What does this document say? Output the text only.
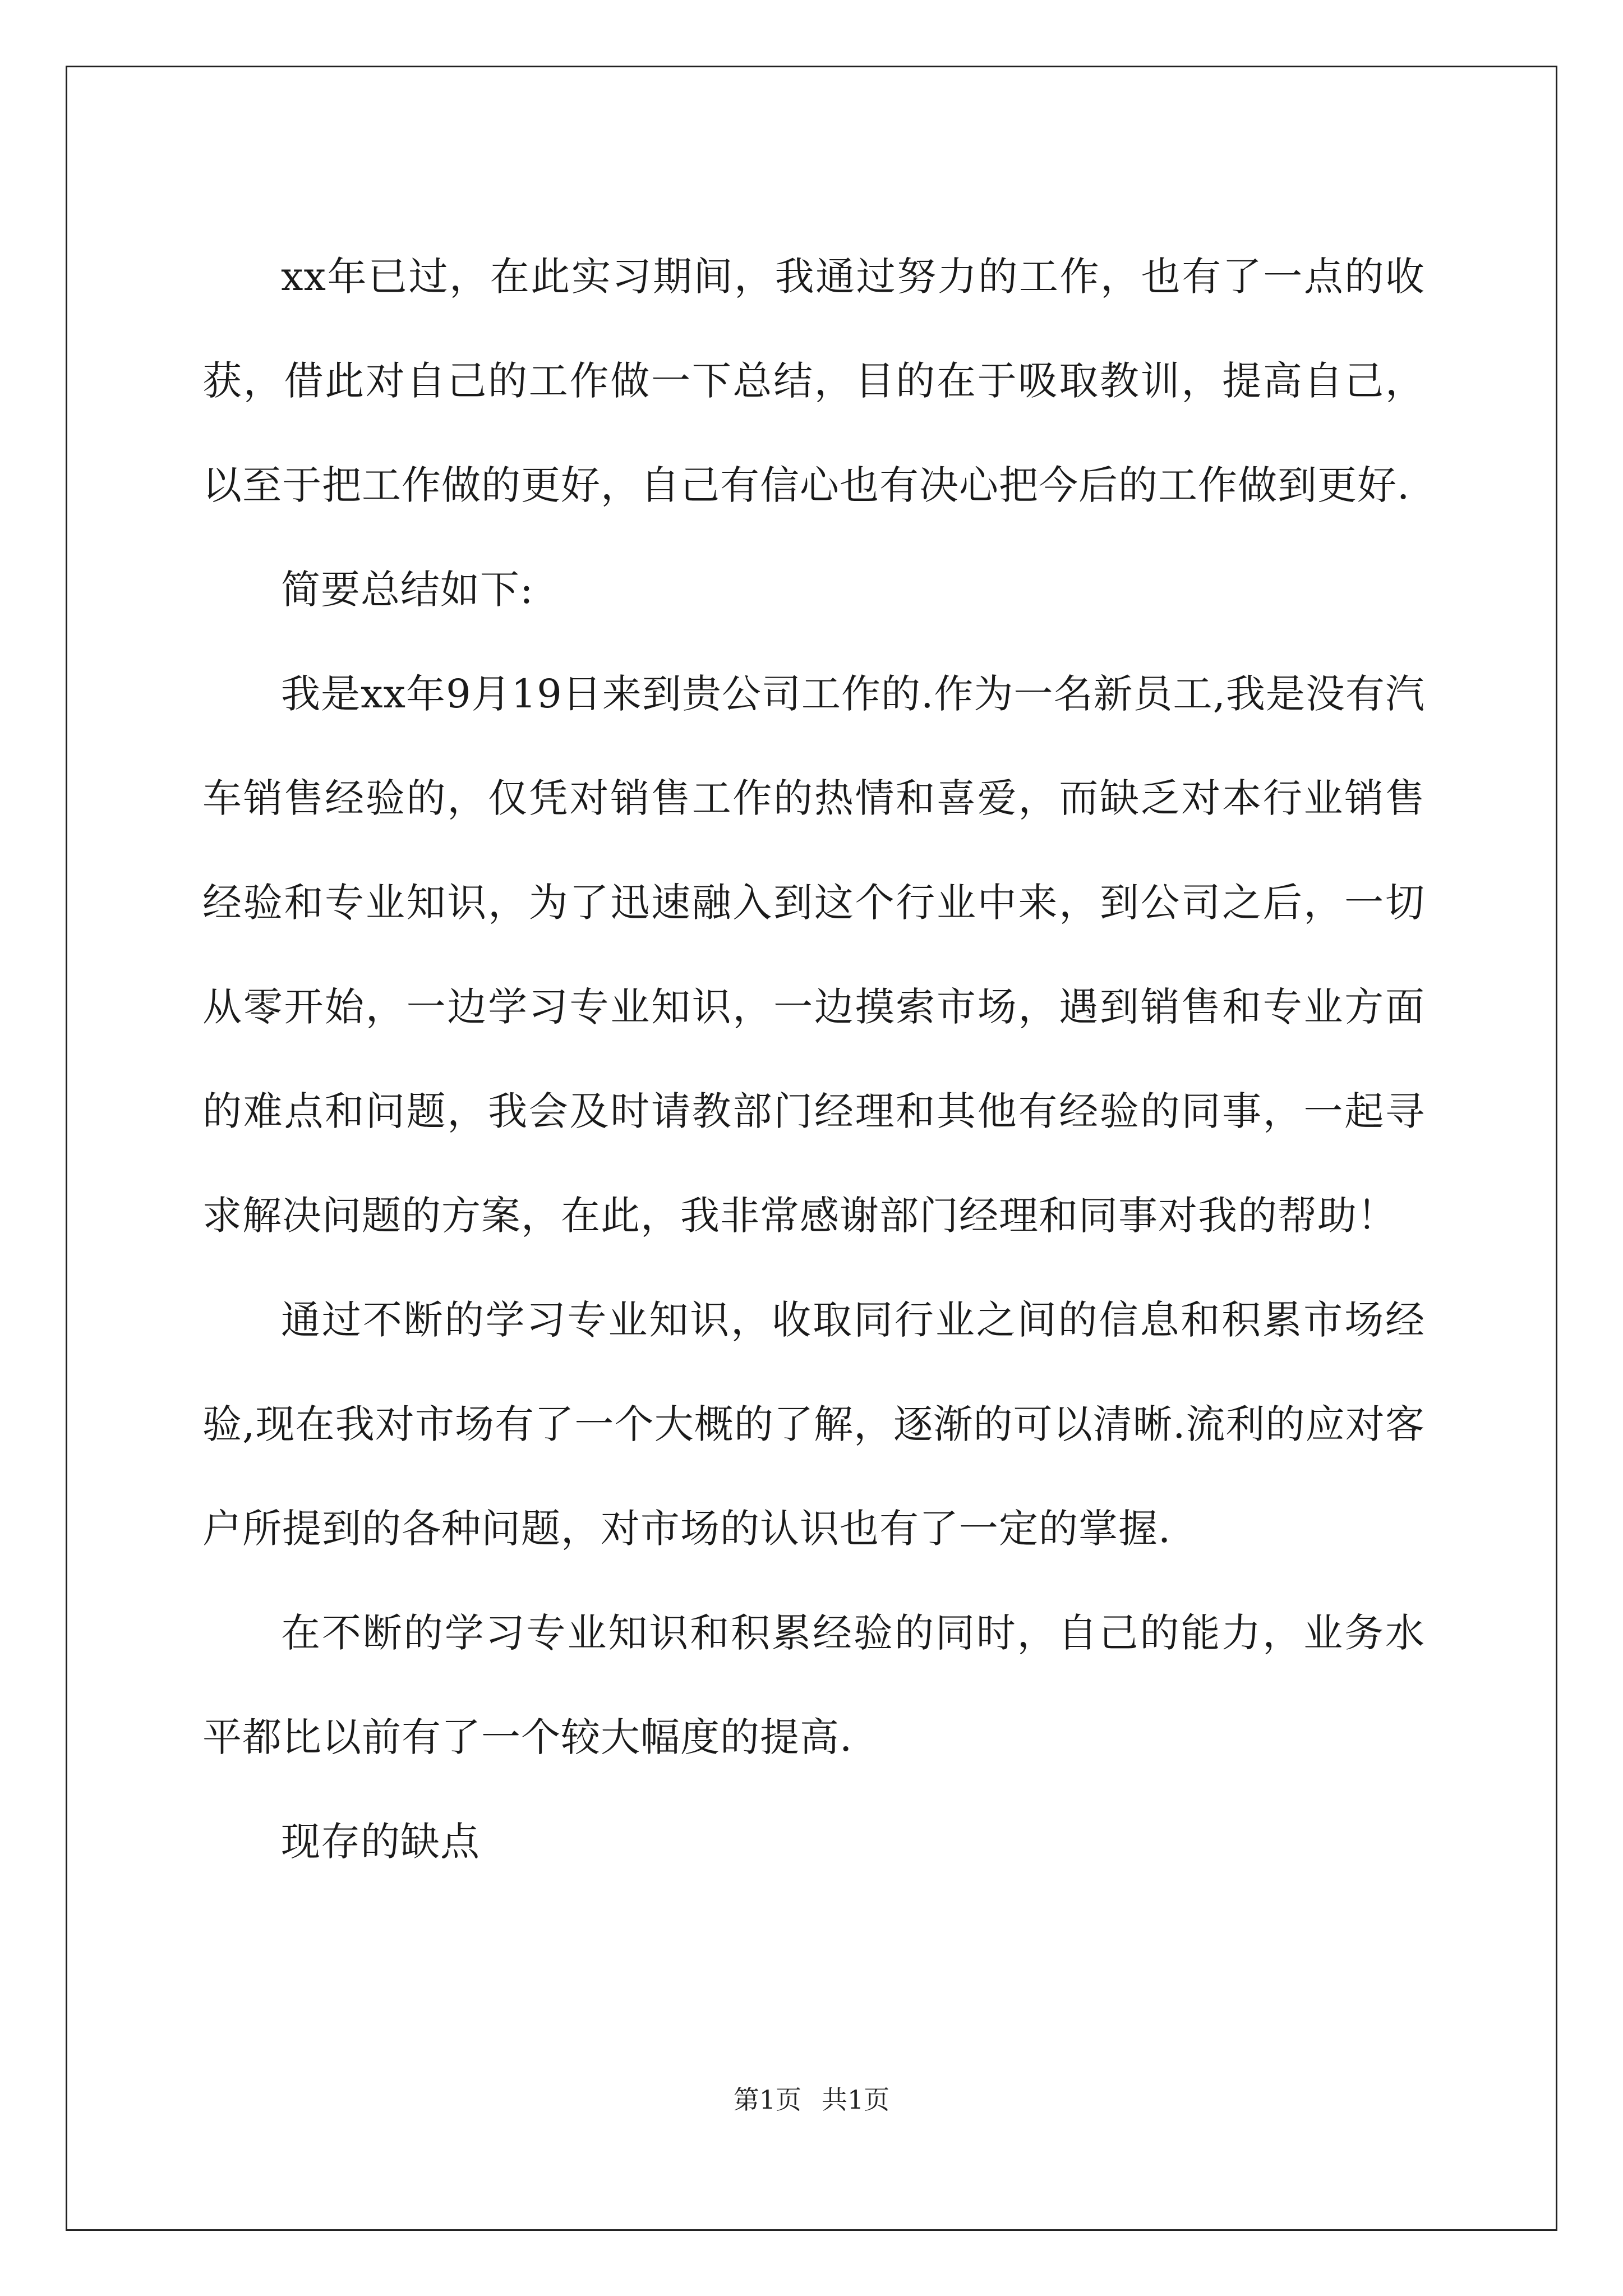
xx年已过，在此实习期间，我通过努力的工作，也有了一点的收获，借此对自己的工作做一下总结，目的在于吸取教训，提高自己，以至于把工作做的更好，自己有信心也有决心把今后的工作做到更好.

简要总结如下:

我是xx年9月19日来到贵公司工作的.作为一名新员工,我是没有汽车销售经验的，仅凭对销售工作的热情和喜爱，而缺乏对本行业销售经验和专业知识，为了迅速融入到这个行业中来，到公司之后，一切从零开始，一边学习专业知识，一边摸索市场，遇到销售和专业方面的难点和问题，我会及时请教部门经理和其他有经验的同事，一起寻求解决问题的方案，在此，我非常感谢部门经理和同事对我的帮助！

通过不断的学习专业知识，收取同行业之间的信息和积累市场经验,现在我对市场有了一个大概的了解，逐渐的可以清晰.流利的应对客户所提到的各种问题，对市场的认识也有了一定的掌握.

在不断的学习专业知识和积累经验的同时，自己的能力，业务水平都比以前有了一个较大幅度的提高.

现存的缺点

第1页 共1页
